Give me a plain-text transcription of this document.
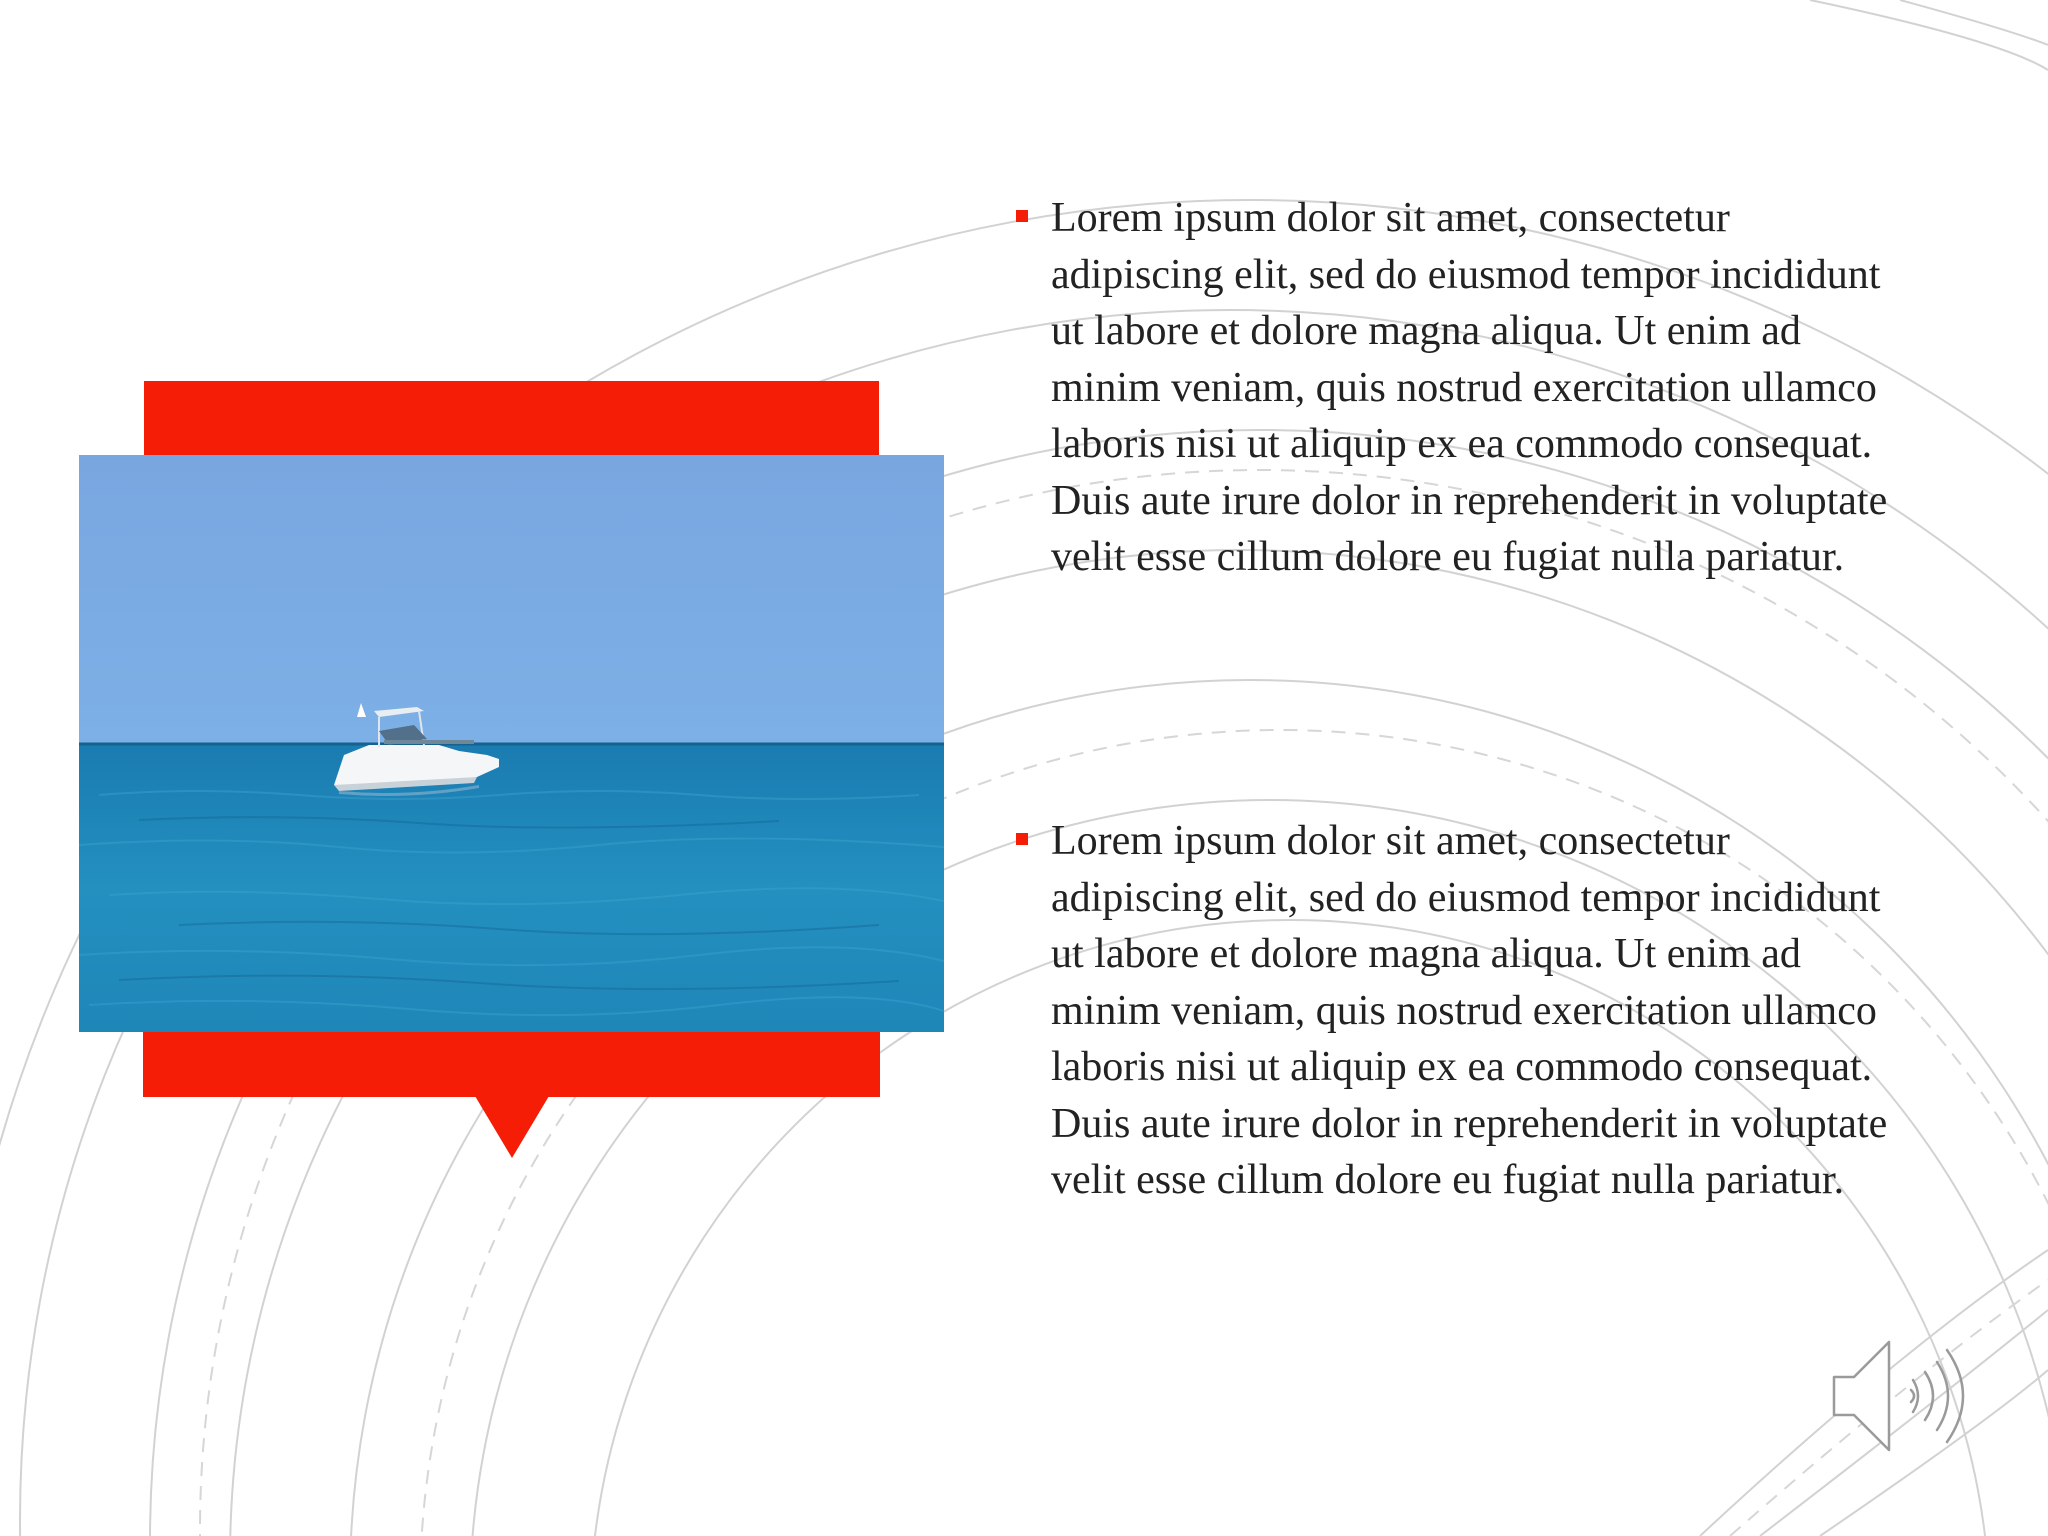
Lorem ipsum dolor sit amet, consectetur adipiscing elit, sed do eiusmod tempor incididunt ut labore et dolore magna aliqua. Ut enim ad minim veniam, quis nostrud exercitation ullamco laboris nisi ut aliquip ex ea commodo consequat. Duis aute irure dolor in reprehenderit in voluptate velit esse cillum dolore eu fugiat nulla pariatur.

Lorem ipsum dolor sit amet, consectetur adipiscing elit, sed do eiusmod tempor incididunt ut labore et dolore magna aliqua. Ut enim ad minim veniam, quis nostrud exercitation ullamco laboris nisi ut aliquip ex ea commodo consequat. Duis aute irure dolor in reprehenderit in voluptate velit esse cillum dolore eu fugiat nulla pariatur.
